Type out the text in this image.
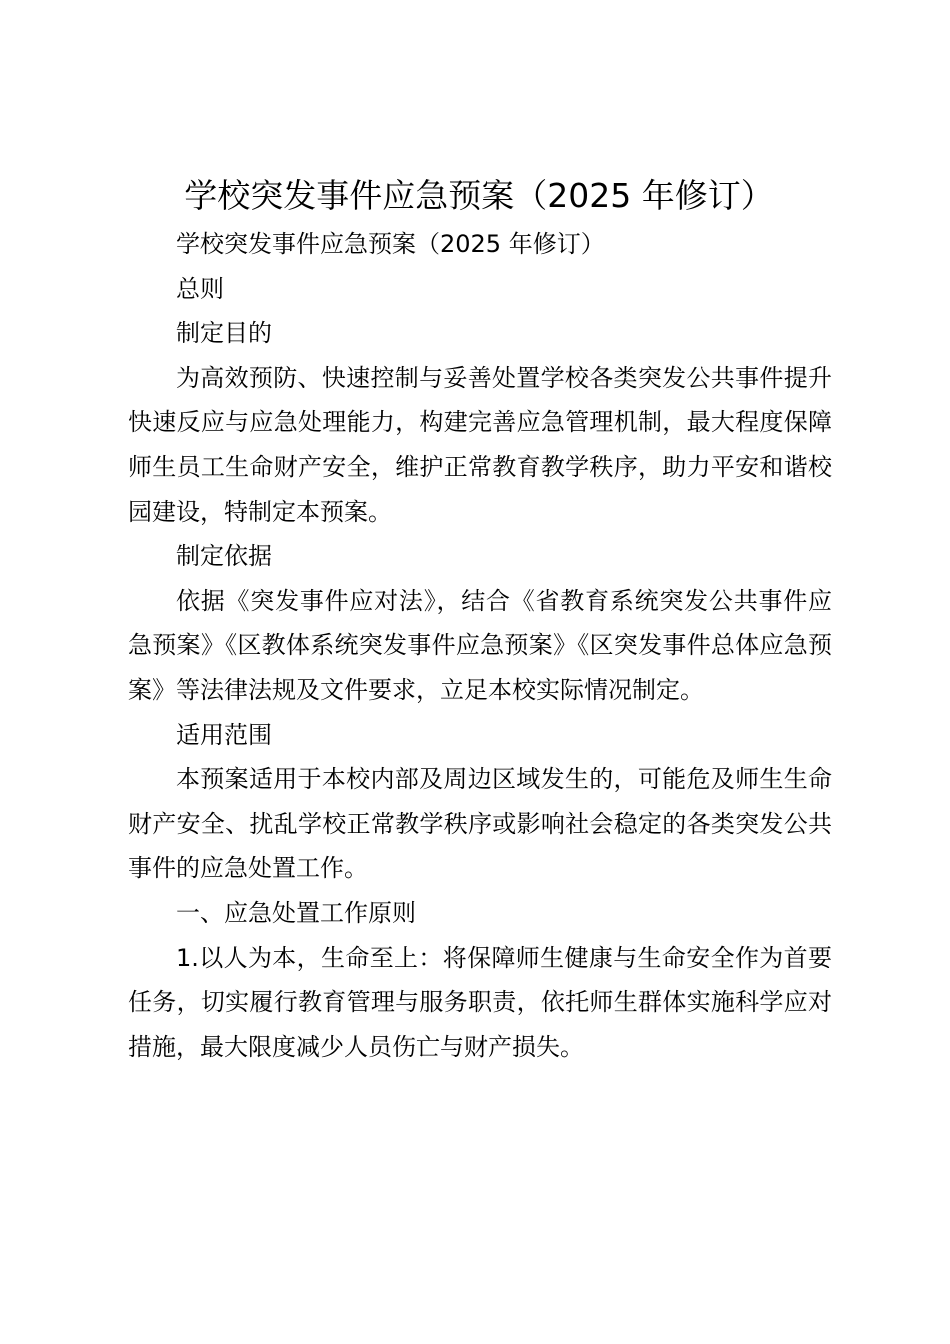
学校突发事件应急预案（2025 年修订）

学校突发事件应急预案（2025 年修订）

总则

制定目的

为高效预防、快速控制与妥善处置学校各类突发公共事件提升快速反应与应急处理能力，构建完善应急管理机制，最大程度保障师生员工生命财产安全，维护正常教育教学秩序，助力平安和谐校园建设，特制定本预案。

制定依据

依据《突发事件应对法》，结合《省教育系统突发公共事件应急预案》《区教体系统突发事件应急预案》《区突发事件总体应急预案》等法律法规及文件要求，立足本校实际情况制定。

适用范围

本预案适用于本校内部及周边区域发生的，可能危及师生生命财产安全、扰乱学校正常教学秩序或影响社会稳定的各类突发公共事件的应急处置工作。

一、应急处置工作原则

1.以人为本，生命至上：将保障师生健康与生命安全作为首要任务，切实履行教育管理与服务职责，依托师生群体实施科学应对措施，最大限度减少人员伤亡与财产损失。
